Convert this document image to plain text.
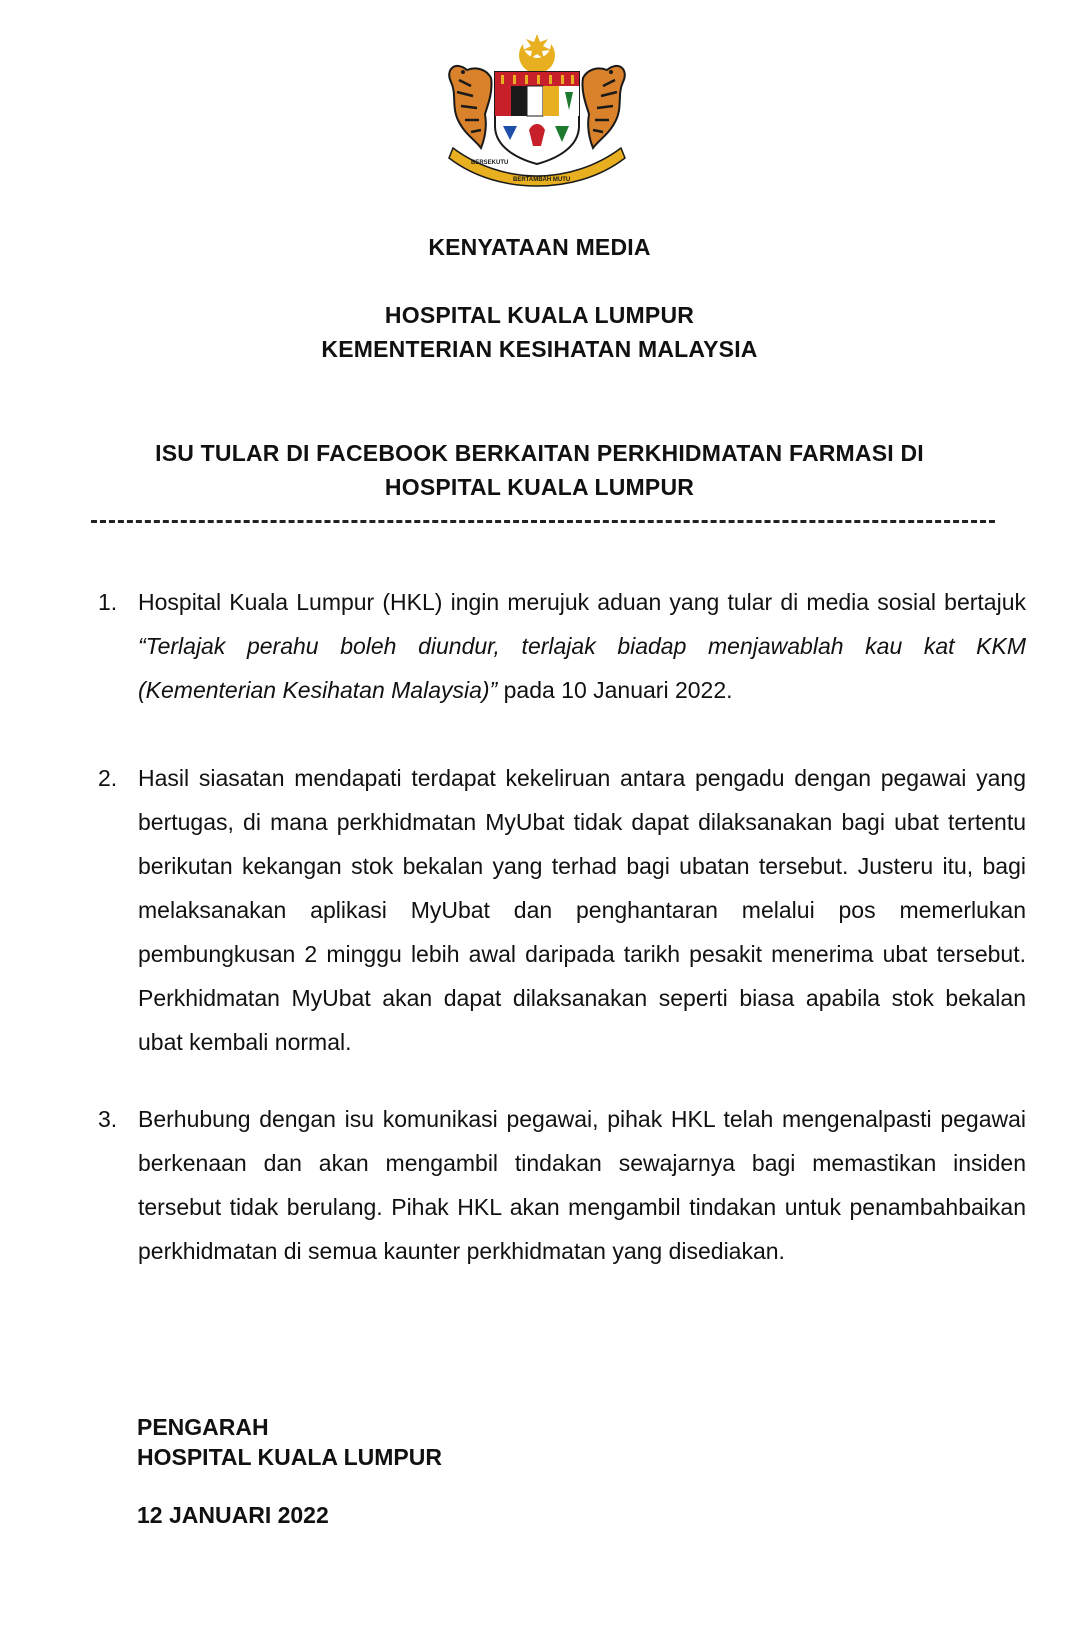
BERSEKUTU
BERTAMBAH MUTU
KENYATAAN MEDIA
HOSPITAL KUALA LUMPUR
KEMENTERIAN KESIHATAN MALAYSIA
ISU TULAR DI FACEBOOK BERKAITAN PERKHIDMATAN FARMASI DI
HOSPITAL KUALA LUMPUR
1. Hospital Kuala Lumpur (HKL) ingin merujuk aduan yang tular di media sosial bertajuk “Terlajak perahu boleh diundur, terlajak biadap menjawablah kau kat KKM (Kementerian Kesihatan Malaysia)” pada 10 Januari 2022.
2. Hasil siasatan mendapati terdapat kekeliruan antara pengadu dengan pegawai yang bertugas, di mana perkhidmatan MyUbat tidak dapat dilaksanakan bagi ubat tertentu berikutan kekangan stok bekalan yang terhad bagi ubatan tersebut. Justeru itu, bagi melaksanakan aplikasi MyUbat dan penghantaran melalui pos memerlukan pembungkusan 2 minggu lebih awal daripada tarikh pesakit menerima ubat tersebut. Perkhidmatan MyUbat akan dapat dilaksanakan seperti biasa apabila stok bekalan ubat kembali normal.
3. Berhubung dengan isu komunikasi pegawai, pihak HKL telah mengenalpasti pegawai berkenaan dan akan mengambil tindakan sewajarnya bagi memastikan insiden tersebut tidak berulang. Pihak HKL akan mengambil tindakan untuk penambahbaikan perkhidmatan di semua kaunter perkhidmatan yang disediakan.
PENGARAH
HOSPITAL KUALA LUMPUR
12 JANUARI 2022
